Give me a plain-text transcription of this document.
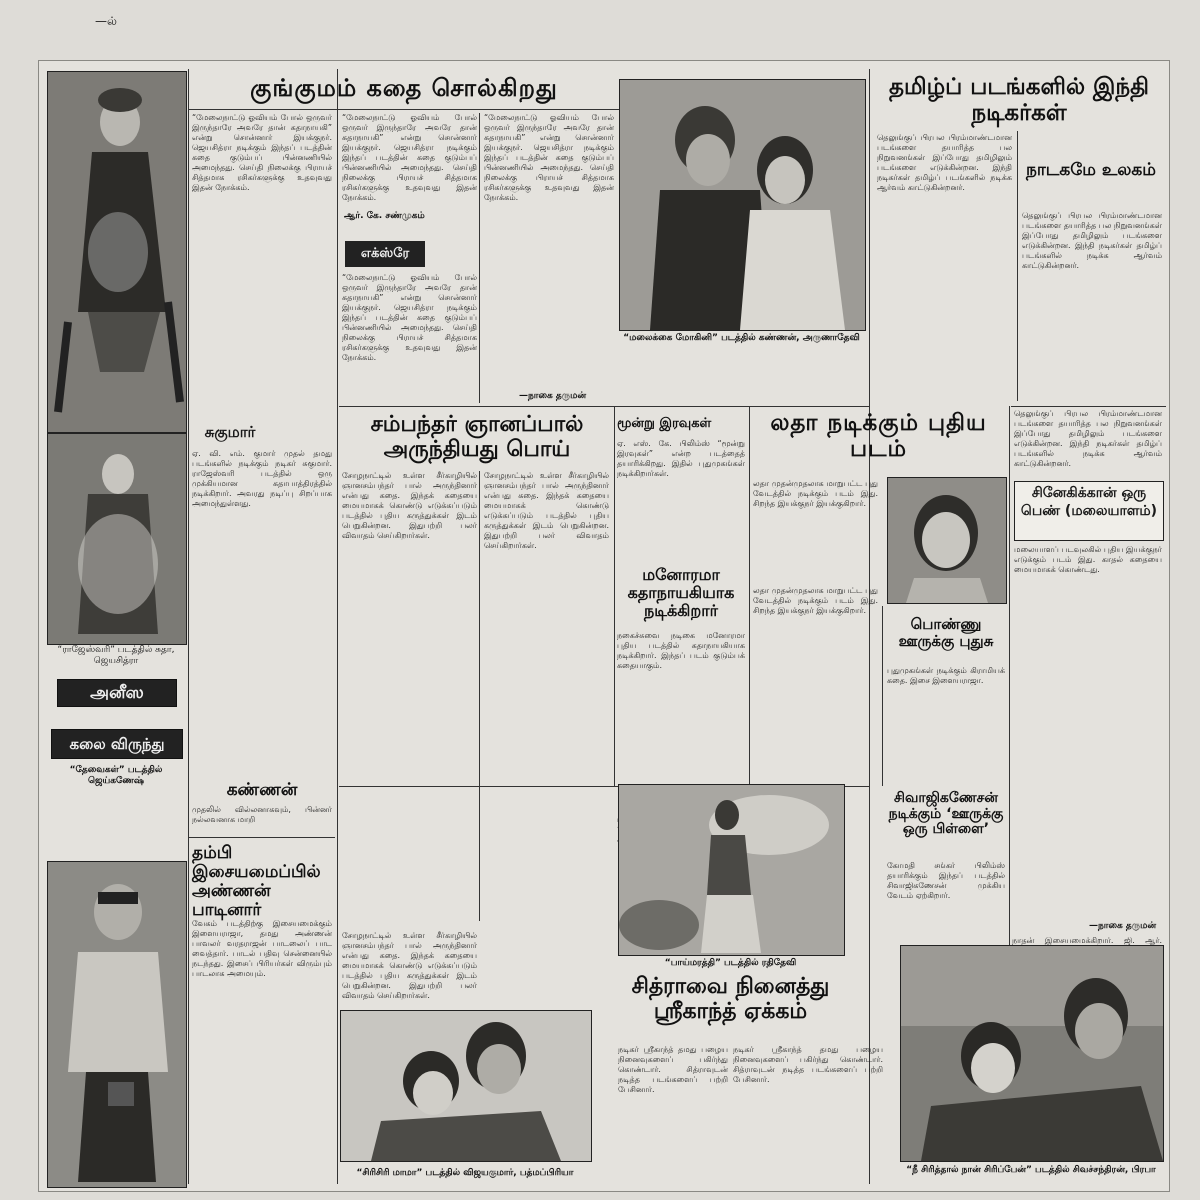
—ல்
“ராஜேஸ்வரி” படத்தில் சுதா, ஜெயசித்ரா
அனீஸ
கலை விருந்து
“தேவைகள்” படத்தில் ஜெய்கணேஷ்
சுகுமார்
ஏ. வி. எம். குமார் முதல் தமது படங்களில் நடிக்கும் நடிகர் சுகுமார். ராஜேஸ்வரி படத்தில் ஒரு முக்கியமான கதாபாத்திரத்தில் நடிக்கிறார். அவரது நடிப்பு சிறப்பாக அமைந்துள்ளது.
கண்ணன்
முதலில் வில்லனாகவும், பின்னர் நல்லவனாக மாறி
தம்பி இசையமைப்பில் அண்ணன் பாடினார்
வேகம் படத்திற்கு இசையமைக்கும் இளையராஜா, தமது அண்ணன் பாவலர் வரதராஜன் பாடலைப் பாட வைத்தார். பாடல் பதிவு சென்னையில் நடந்தது. இசைப் பிரியர்கள் விரும்பும் பாடலாக அமையும்.
குங்குமம் கதை சொல்கிறது
“மேலைநாட்டு ஓவியம் போல் ஒருவர் இருந்தாரே அவரே தான் கதாநாயகி” என்று சொன்னார் இயக்குநர். ஜெயசித்ரா நடிக்கும் இந்தப் படத்தின் கதை குடும்பப் பின்னணியில் அமைந்தது. செய்தி நிலைக்கு பிராயச் சித்தமாக ரசிகர்களுக்கு உதவுவது இதன் நோக்கம்.
“மேலைநாட்டு ஓவியம் போல் ஒருவர் இருந்தாரே அவரே தான் கதாநாயகி” என்று சொன்னார் இயக்குநர். ஜெயசித்ரா நடிக்கும் இந்தப் படத்தின் கதை குடும்பப் பின்னணியில் அமைந்தது. செய்தி நிலைக்கு பிராயச் சித்தமாக ரசிகர்களுக்கு உதவுவது இதன் நோக்கம்.
ஆர். கே. சண்முகம்
எக்ஸ்ரே
“மேலைநாட்டு ஓவியம் போல் ஒருவர் இருந்தாரே அவரே தான் கதாநாயகி” என்று சொன்னார் இயக்குநர். ஜெயசித்ரா நடிக்கும் இந்தப் படத்தின் கதை குடும்பப் பின்னணியில் அமைந்தது. செய்தி நிலைக்கு பிராயச் சித்தமாக ரசிகர்களுக்கு உதவுவது இதன் நோக்கம்.
“மேலைநாட்டு ஓவியம் போல் ஒருவர் இருந்தாரே அவரே தான் கதாநாயகி” என்று சொன்னார் இயக்குநர். ஜெயசித்ரா நடிக்கும் இந்தப் படத்தின் கதை குடும்பப் பின்னணியில் அமைந்தது. செய்தி நிலைக்கு பிராயச் சித்தமாக ரசிகர்களுக்கு உதவுவது இதன் நோக்கம்.
—நாகை தருமன்
“மலைக்கை மோகினி” படத்தில் கண்ணன், அருணாதேவி
தமிழ்ப் படங்களில் இந்தி நடிகர்கள்
தெலுங்குப் பிரபல பிரம்மாண்டமான படங்களை தயாரித்த பல நிறுவனங்கள் இப்போது தமிழிலும் படங்களை எடுக்கின்றன. இந்தி நடிகர்கள் தமிழ்ப் படங்களில் நடிக்க ஆர்வம் காட்டுகின்றனர்.
நாடகமே உலகம்
தெலுங்குப் பிரபல பிரம்மாண்டமான படங்களை தயாரித்த பல நிறுவனங்கள் இப்போது தமிழிலும் படங்களை எடுக்கின்றன. இந்தி நடிகர்கள் தமிழ்ப் படங்களில் நடிக்க ஆர்வம் காட்டுகின்றனர்.
சம்பந்தர் ஞானப்பால் அருந்தியது பொய்
சோழநாட்டில் உள்ள சீர்காழியில் ஞானசம்பந்தர் பால் அருந்தினார் என்பது கதை. இந்தக் கதையை மையமாகக் கொண்டு எடுக்கப்படும் படத்தில் புதிய கருத்துக்கள் இடம் பெறுகின்றன. இதுபற்றி பலர் விவாதம் செய்கிறார்கள்.
சோழநாட்டில் உள்ள சீர்காழியில் ஞானசம்பந்தர் பால் அருந்தினார் என்பது கதை. இந்தக் கதையை மையமாகக் கொண்டு எடுக்கப்படும் படத்தில் புதிய கருத்துக்கள் இடம் பெறுகின்றன. இதுபற்றி பலர் விவாதம் செய்கிறார்கள்.
மூன்று இரவுகள்
ஏ. எஸ். கே. பிலிம்ஸ் “மூன்று இரவுகள்” என்ற படத்தைத் தயாரிக்கிறது. இதில் புதுமுகங்கள் நடிக்கிறார்கள்.
மனோரமா கதாநாயகியாக நடிக்கிறார்
நகைச்சுவை நடிகை மனோரமா புதிய படத்தில் கதாநாயகியாக நடிக்கிறார். இந்தப் படம் குடும்பக் கதையாகும்.
லதா நடிக்கும் புதிய படம்
லதா முதன்முதலாக மாறுபட்ட புது வேடத்தில் நடிக்கும் படம் இது. சிறந்த இயக்குநர் இயக்குகிறார்.
லதா முதன்முதலாக மாறுபட்ட புது வேடத்தில் நடிக்கும் படம் இது. சிறந்த இயக்குநர் இயக்குகிறார்.
பொண்ணு ஊருக்கு புதுசு
புதுமுகங்கள் நடிக்கும் கிராமியக் கதை. இசை இளையராஜா.
தெலுங்குப் பிரபல பிரம்மாண்டமான படங்களை தயாரித்த பல நிறுவனங்கள் இப்போது தமிழிலும் படங்களை எடுக்கின்றன. இந்தி நடிகர்கள் தமிழ்ப் படங்களில் நடிக்க ஆர்வம் காட்டுகின்றனர்.
சினேகிக்கான் ஒரு பெண் (மலையாளம்)
மலையாளப் படவுலகில் புதிய இயக்குநர் எடுக்கும் படம் இது. காதல் கதையை மையமாகக் கொண்டது.
—நாகை தருமன்
சோழநாட்டில் உள்ள சீர்காழியில் ஞானசம்பந்தர் பால் அருந்தினார் என்பது கதை. இந்தக் கதையை மையமாகக் கொண்டு எடுக்கப்படும் படத்தில் புதிய கருத்துக்கள் இடம் பெறுகின்றன. இதுபற்றி பலர் விவாதம் செய்கிறார்கள்.
சிவாஜிகணேசன் நடிக்கும் ‘ஊருக்கு ஒரு பிள்ளை’
கோமதி சங்கர் பிலிம்ஸ் தயாரிக்கும் இந்தப் படத்தில் சிவாஜிகணேசன் முக்கிய வேடம் ஏற்கிறார்.
“பாய்மரத்தி” படத்தில் ரதிதேவி
சித்ராவை நினைத்து ஸ்ரீகாந்த் ஏக்கம்
நடிகர் ஸ்ரீகாந்த் தமது பழைய நினைவுகளைப் பகிர்ந்து கொண்டார். சித்ராவுடன் நடித்த படங்களைப் பற்றி பேசினார்.
நடிகர் ஸ்ரீகாந்த் தமது பழைய நினைவுகளைப் பகிர்ந்து கொண்டார். சித்ராவுடன் நடித்த படங்களைப் பற்றி பேசினார்.
“சிரிசிரி மாமா” படத்தில் விஜயகுமார், பத்மப்பிரியா
நாதன் இசையமைக்கிறார். ஜி. ஆர்.
“நீ சிரித்தால் நான் சிரிப்பேன்” படத்தில் சிவச்சந்திரன், பிரபா
